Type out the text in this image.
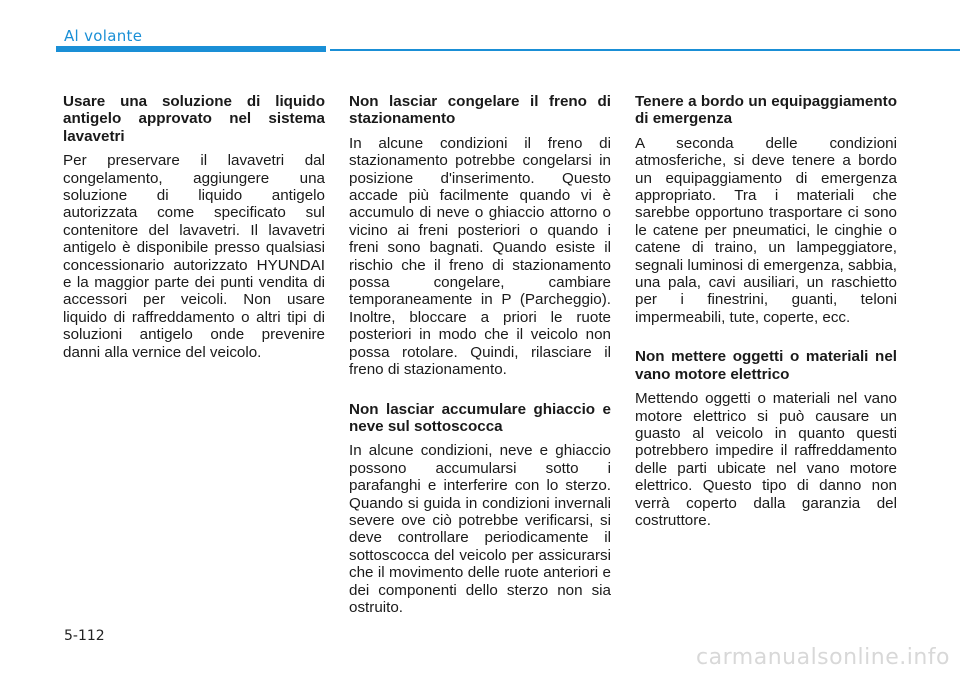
Al volante
Usare una soluzione di liquido antigelo approvato nel sistema lavavetri

Per preservare il lavavetri dal congelamento, aggiungere una soluzione di liquido antigelo autorizzata come specificato sul contenitore del lavavetri. Il lavavetri antigelo è disponibile presso qualsiasi concessionario autorizzato HYUNDAI e la maggior parte dei punti vendita di accessori per veicoli. Non usare liquido di raffreddamento o altri tipi di soluzioni antigelo onde prevenire danni alla vernice del veicolo.

Non lasciar congelare il freno di stazionamento

In alcune condizioni il freno di stazionamento potrebbe congelarsi in posizione d'inserimento. Questo accade più facilmente quando vi è accumulo di neve o ghiaccio attorno o vicino ai freni posteriori o quando i freni sono bagnati. Quando esiste il rischio che il freno di stazionamento possa congelare, cambiare temporaneamente in P (Parcheggio). Inoltre, bloccare a priori le ruote posteriori in modo che il veicolo non possa rotolare. Quindi, rilasciare il freno di stazionamento.

Non lasciar accumulare ghiaccio e neve sul sottoscocca

In alcune condizioni, neve e ghiaccio possono accumularsi sotto i parafanghi e interferire con lo sterzo. Quando si guida in condizioni invernali severe ove ciò potrebbe verificarsi, si deve controllare periodicamente il sottoscocca del veicolo per assicurarsi che il movimento delle ruote anteriori e dei componenti dello sterzo non sia ostruito.

Tenere a bordo un equipaggiamento di emergenza

A seconda delle condizioni atmosferiche, si deve tenere a bordo un equipaggiamento di emergenza appropriato. Tra i materiali che sarebbe opportuno trasportare ci sono le catene per pneumatici, le cinghie o catene di traino, un lampeggiatore, segnali luminosi di emergenza, sabbia, una pala, cavi ausiliari, un raschietto per i finestrini, guanti, teloni impermeabili, tute, coperte, ecc.

Non mettere oggetti o materiali nel vano motore elettrico

Mettendo oggetti o materiali nel vano motore elettrico si può causare un guasto al veicolo in quanto questi potrebbero impedire il raffreddamento delle parti ubicate nel vano motore elettrico. Questo tipo di danno non verrà coperto dalla garanzia del costruttore.

5-112
carmanualsonline.info
